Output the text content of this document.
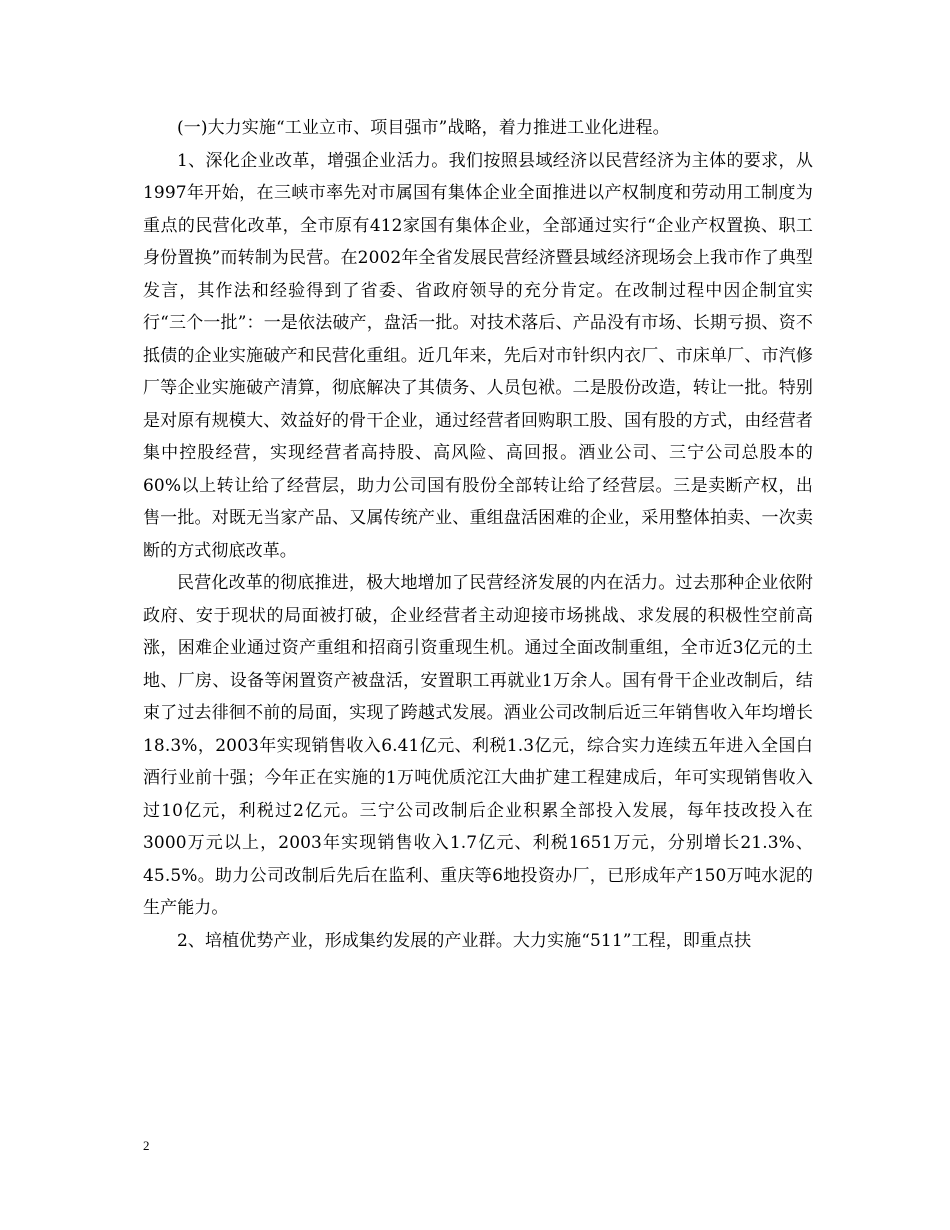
(一)大力实施“工业立市、项目强市”战略，着力推进工业化进程。

1、深化企业改革，增强企业活力。我们按照县域经济以民营经济为主体的要求，从1997年开始，在三峡市率先对市属国有集体企业全面推进以产权制度和劳动用工制度为重点的民营化改革，全市原有412家国有集体企业，全部通过实行“企业产权置换、职工身份置换”而转制为民营。在2002年全省发展民营经济暨县域经济现场会上我市作了典型发言，其作法和经验得到了省委、省政府领导的充分肯定。在改制过程中因企制宜实行“三个一批”：一是依法破产，盘活一批。对技术落后、产品没有市场、长期亏损、资不抵债的企业实施破产和民营化重组。近几年来，先后对市针织内衣厂、市床单厂、市汽修厂等企业实施破产清算，彻底解决了其债务、人员包袱。二是股份改造，转让一批。特别是对原有规模大、效益好的骨干企业，通过经营者回购职工股、国有股的方式，由经营者集中控股经营，实现经营者高持股、高风险、高回报。酒业公司、三宁公司总股本的60%以上转让给了经营层，助力公司国有股份全部转让给了经营层。三是卖断产权，出售一批。对既无当家产品、又属传统产业、重组盘活困难的企业，采用整体拍卖、一次卖断的方式彻底改革。

民营化改革的彻底推进，极大地增加了民营经济发展的内在活力。过去那种企业依附政府、安于现状的局面被打破，企业经营者主动迎接市场挑战、求发展的积极性空前高涨，困难企业通过资产重组和招商引资重现生机。通过全面改制重组，全市近3亿元的土地、厂房、设备等闲置资产被盘活，安置职工再就业1万余人。国有骨干企业改制后，结束了过去徘徊不前的局面，实现了跨越式发展。酒业公司改制后近三年销售收入年均增长18.3%，2003年实现销售收入6.41亿元、利税1.3亿元，综合实力连续五年进入全国白酒行业前十强；今年正在实施的1万吨优质沱江大曲扩建工程建成后，年可实现销售收入过10亿元，利税过2亿元。三宁公司改制后企业积累全部投入发展，每年技改投入在3000万元以上，2003年实现销售收入1.7亿元、利税1651万元，分别增长21.3%、45.5%。助力公司改制后先后在监利、重庆等6地投资办厂，已形成年产150万吨水泥的生产能力。

2、培植优势产业，形成集约发展的产业群。大力实施“511”工程，即重点扶

2
